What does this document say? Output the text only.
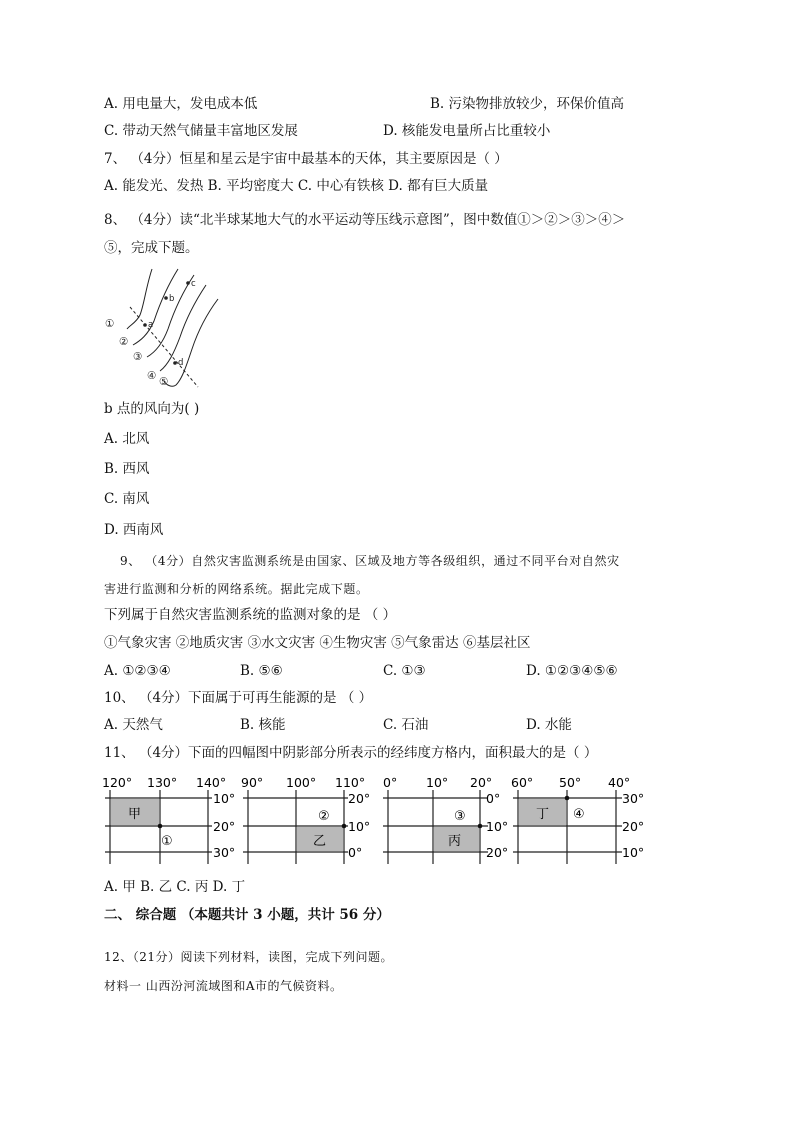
A. 用电量大，发电成本低	B. 污染物排放较少，环保价值高
C. 带动天然气储量丰富地区发展	D. 核能发电量所占比重较小
7、 （4分）恒星和星云是宇宙中最基本的天体，其主要原因是（ ）
A. 能发光、发热 B. 平均密度大 C. 中心有铁核 D. 都有巨大质量
8、 （4分）读“北半球某地大气的水平运动等压线示意图”，图中数值①＞②＞③＞④＞
⑤，完成下题。
a
b
c
d
①
②
③
④ ⑤
b 点的风向为( )
A. 北风
B. 西风
C. 南风
D. 西南风
9、 （4分）自然灾害监测系统是由国家、区域及地方等各级组织，通过不同平台对自然灾
害进行监测和分析的网络系统。据此完成下题。
下列属于自然灾害监测系统的监测对象的是 （ ）
①气象灾害 ②地质灾害 ③水文灾害 ④生物灾害 ⑤气象雷达 ⑥基层社区
A. ①②③④	B. ⑤⑥	C. ①③	D. ①②③④⑤⑥
10、 （4分）下面属于可再生能源的是 （ ）
A. 天然气	B. 核能	C. 石油	D. 水能
11、 （4分）下面的四幅图中阴影部分所表示的经纬度方格内，面积最大的是（ ）
120° 130° 140°
10°
20°
30°
甲
①
90° 100° 110°
20°
10°
0°
乙
②
0° 10° 20°
0°
10°
20°
丙
③
60° 50° 40°
30°
20°
10°
丁 ④
A. 甲 B. 乙 C. 丙 D. 丁
二、 综合题 （本题共计 3 小题，共计 56 分）
12、（21分）阅读下列材料，读图，完成下列问题。
材料一 山西汾河流域图和A市的气候资料。
